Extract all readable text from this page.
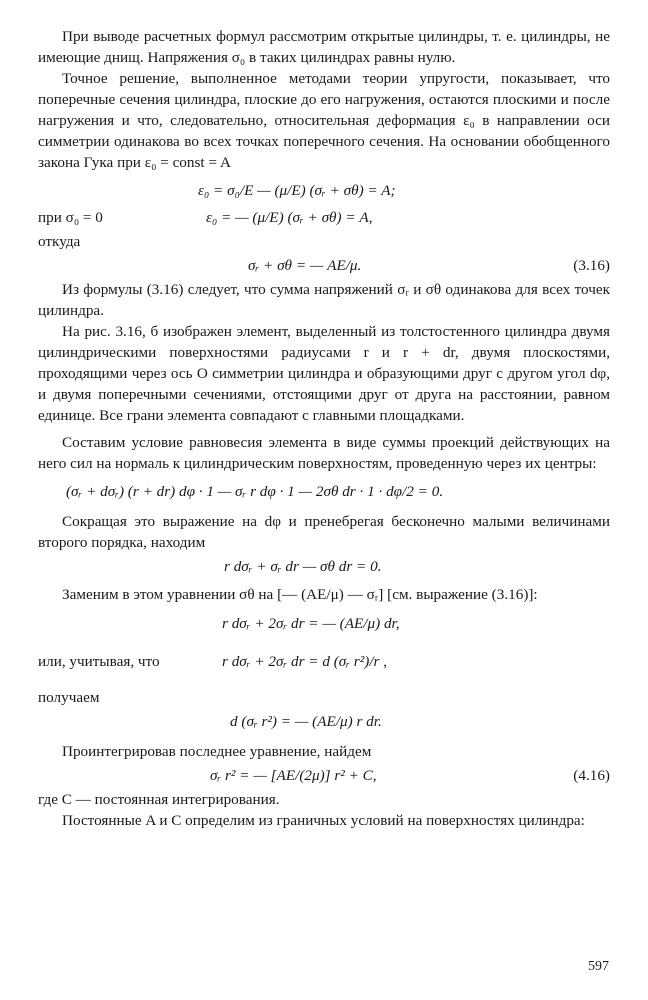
При выводе расчетных формул рассмотрим открытые цилиндры, т. е. цилиндры, не имеющие днищ. Напряжения σ₀ в таких цилиндрах равны нулю.

Точное решение, выполненное методами теории упругости, показывает, что поперечные сечения цилиндра, плоские до его нагружения, остаются плоскими и после нагружения и что, следовательно, относительная деформация ε₀ в направлении оси симметрии одинакова во всех точках поперечного сечения. На основании обобщенного закона Гука при ε₀ = const = A

ε₀ = σ₀/E — (μ/E) (σᵣ + σθ) = A;
при σ₀ = 0	ε₀ = — (μ/E) (σᵣ + σθ) = A,

откуда

σᵣ + σθ = — AE/μ.	(3.16)

Из формулы (3.16) следует, что сумма напряжений σᵣ и σθ одинакова для всех точек цилиндра.

На рис. 3.16, б изображен элемент, выделенный из толстостенного цилиндра двумя цилиндрическими поверхностями радиусами r и r + dr, двумя плоскостями, проходящими через ось O симметрии цилиндра и образующими друг с другом угол dφ, и двумя поперечными сечениями, отстоящими друг от друга на расстоянии, равном единице. Все грани элемента совпадают с главными площадками.

Составим условие равновесия элемента в виде суммы проекций действующих на него сил на нормаль к цилиндрическим поверхностям, проведенную через их центры:

(σᵣ + dσᵣ) (r + dr) dφ · 1 — σᵣ r dφ · 1 — 2σθ dr · 1 · dφ/2 = 0.

Сокращая это выражение на dφ и пренебрегая бесконечно малыми величинами второго порядка, находим

r dσᵣ + σᵣ dr — σθ dr = 0.

Заменим в этом уравнении σθ на [— (AE/μ) — σᵣ] [см. выражение (3.16)]:

r dσᵣ + 2σᵣ dr = — (AE/μ) dr,
или, учитывая, что	r dσᵣ + 2σᵣ dr = d (σᵣ r²)/r ,

получаем

d (σᵣ r²) = — (AE/μ) r dr.

Проинтегрировав последнее уравнение, найдем

σᵣ r² = — [AE/(2μ)] r² + C,	(4.16)

где C — постоянная интегрирования.

Постоянные A и C определим из граничных условий на поверхностях цилиндра:

597
